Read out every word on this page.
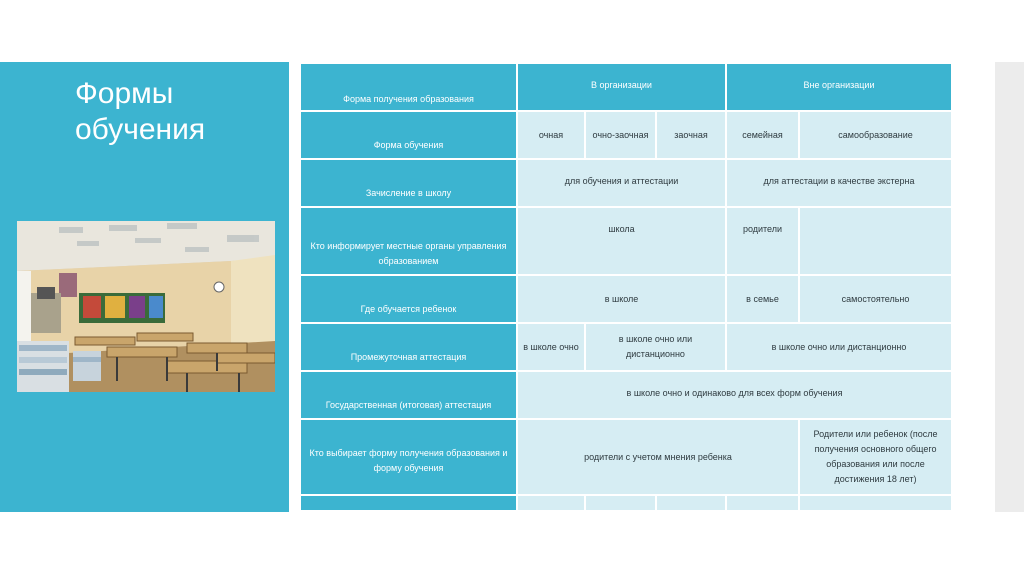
Формы обучения
Форма получения образования	В организации			Вне организации	
Форма обучения	очная	очно-заочная	заочная	семейная	самообразование
Зачисление в школу	для обучения и аттестации			для аттестации в качестве экстерна	
Кто информирует местные органы управления образованием	школа			родители	
Где обучается ребенок	в школе			в семье	самостоятельно
Промежуточная аттестация	в школе очно	в школе очно или дистанционно		в школе очно или дистанционно	
Государственная (итоговая) аттестация	в школе очно и одинаково для всех форм обучения				
Кто выбирает форму получения образования и форму обучения	родители с учетом мнения ребенка				Родители или ребенок (после получения основного общего образования или после достижения 18 лет)
